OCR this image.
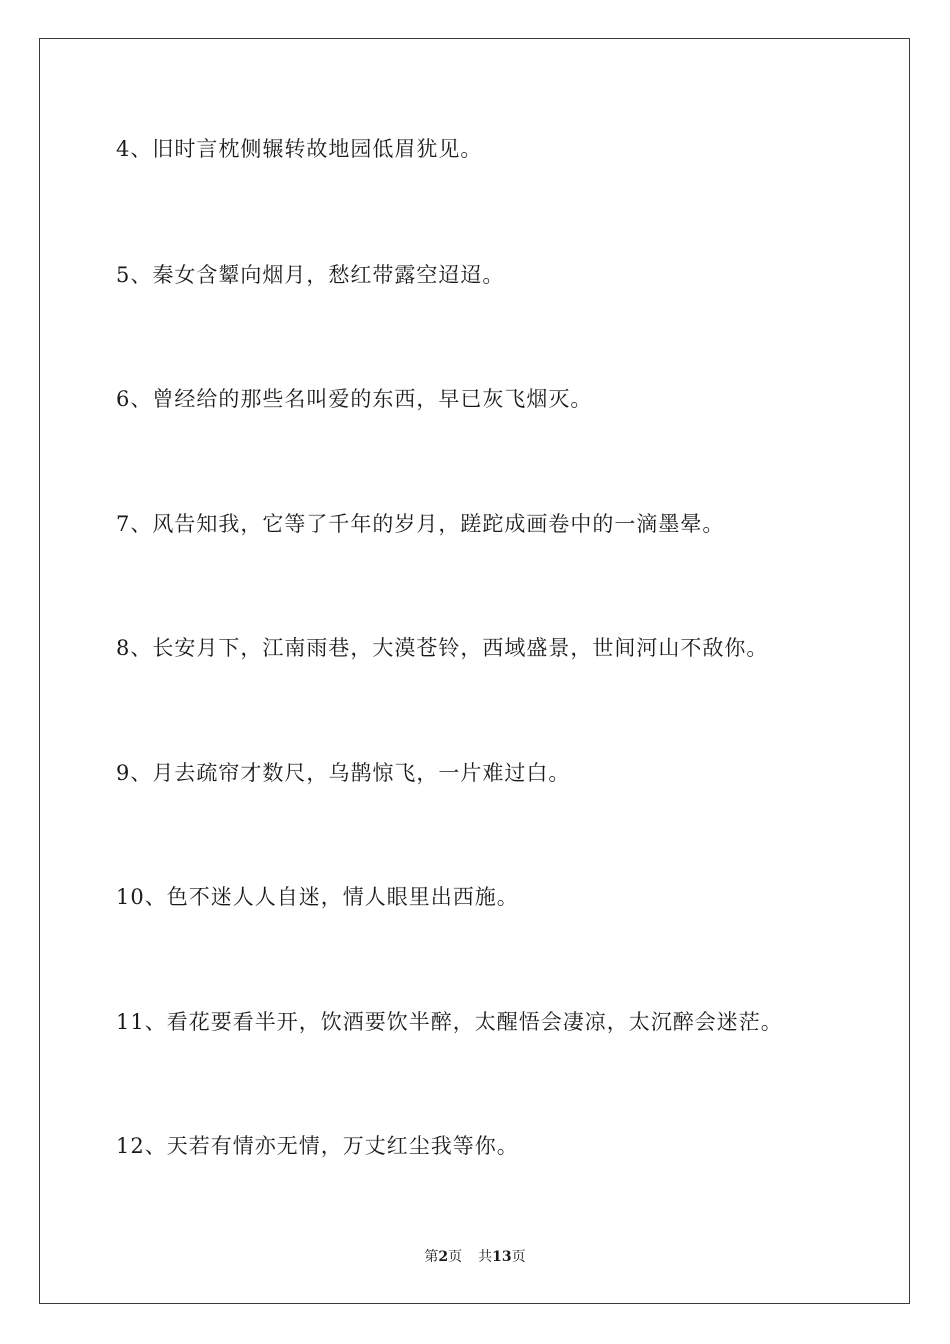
4、旧时言枕侧辗转故地园低眉犹见。
5、秦女含颦向烟月，愁红带露空迢迢。
6、曾经给的那些名叫爱的东西，早已灰飞烟灭。
7、风告知我，它等了千年的岁月，蹉跎成画卷中的一滴墨晕。
8、长安月下，江南雨巷，大漠苍铃，西域盛景，世间河山不敌你。
9、月去疏帘才数尺，乌鹊惊飞，一片难过白。
10、色不迷人人自迷，情人眼里出西施。
11、看花要看半开，饮酒要饮半醉，太醒悟会凄凉，太沉醉会迷茫。
12、天若有情亦无情，万丈红尘我等你。
第2页 共13页
